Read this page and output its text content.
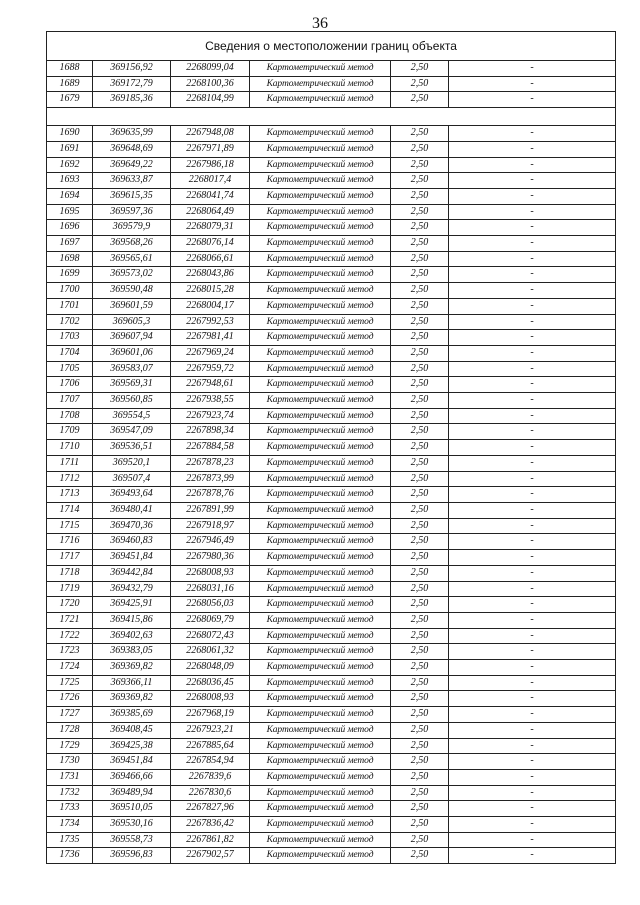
36
Сведения о местоположении границ объекта					
1688	369156,92	2268099,04	Картометрический метод	2,50	-
1689	369172,79	2268100,36	Картометрический метод	2,50	-
1679	369185,36	2268104,99	Картометрический метод	2,50	-

1690	369635,99	2267948,08	Картометрический метод	2,50	-
1691	369648,69	2267971,89	Картометрический метод	2,50	-
1692	369649,22	2267986,18	Картометрический метод	2,50	-
1693	369633,87	2268017,4	Картометрический метод	2,50	-
1694	369615,35	2268041,74	Картометрический метод	2,50	-
1695	369597,36	2268064,49	Картометрический метод	2,50	-
1696	369579,9	2268079,31	Картометрический метод	2,50	-
1697	369568,26	2268076,14	Картометрический метод	2,50	-
1698	369565,61	2268066,61	Картометрический метод	2,50	-
1699	369573,02	2268043,86	Картометрический метод	2,50	-
1700	369590,48	2268015,28	Картометрический метод	2,50	-
1701	369601,59	2268004,17	Картометрический метод	2,50	-
1702	369605,3	2267992,53	Картометрический метод	2,50	-
1703	369607,94	2267981,41	Картометрический метод	2,50	-
1704	369601,06	2267969,24	Картометрический метод	2,50	-
1705	369583,07	2267959,72	Картометрический метод	2,50	-
1706	369569,31	2267948,61	Картометрический метод	2,50	-
1707	369560,85	2267938,55	Картометрический метод	2,50	-
1708	369554,5	2267923,74	Картометрический метод	2,50	-
1709	369547,09	2267898,34	Картометрический метод	2,50	-
1710	369536,51	2267884,58	Картометрический метод	2,50	-
1711	369520,1	2267878,23	Картометрический метод	2,50	-
1712	369507,4	2267873,99	Картометрический метод	2,50	-
1713	369493,64	2267878,76	Картометрический метод	2,50	-
1714	369480,41	2267891,99	Картометрический метод	2,50	-
1715	369470,36	2267918,97	Картометрический метод	2,50	-
1716	369460,83	2267946,49	Картометрический метод	2,50	-
1717	369451,84	2267980,36	Картометрический метод	2,50	-
1718	369442,84	2268008,93	Картометрический метод	2,50	-
1719	369432,79	2268031,16	Картометрический метод	2,50	-
1720	369425,91	2268056,03	Картометрический метод	2,50	-
1721	369415,86	2268069,79	Картометрический метод	2,50	-
1722	369402,63	2268072,43	Картометрический метод	2,50	-
1723	369383,05	2268061,32	Картометрический метод	2,50	-
1724	369369,82	2268048,09	Картометрический метод	2,50	-
1725	369366,11	2268036,45	Картометрический метод	2,50	-
1726	369369,82	2268008,93	Картометрический метод	2,50	-
1727	369385,69	2267968,19	Картометрический метод	2,50	-
1728	369408,45	2267923,21	Картометрический метод	2,50	-
1729	369425,38	2267885,64	Картометрический метод	2,50	-
1730	369451,84	2267854,94	Картометрический метод	2,50	-
1731	369466,66	2267839,6	Картометрический метод	2,50	-
1732	369489,94	2267830,6	Картометрический метод	2,50	-
1733	369510,05	2267827,96	Картометрический метод	2,50	-
1734	369530,16	2267836,42	Картометрический метод	2,50	-
1735	369558,73	2267861,82	Картометрический метод	2,50	-
1736	369596,83	2267902,57	Картометрический метод	2,50	-
